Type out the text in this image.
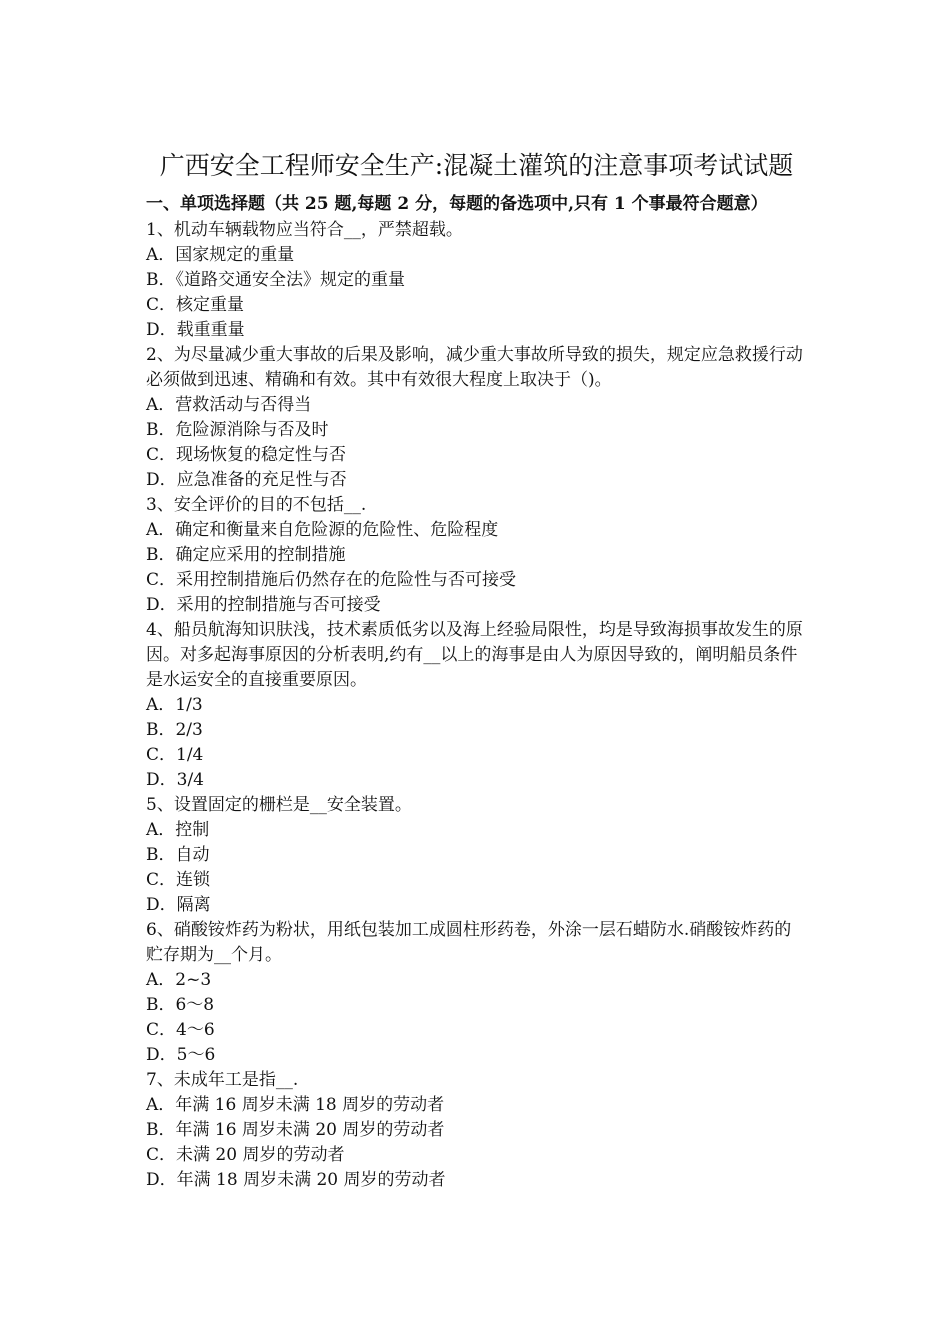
广西安全工程师安全生产:混凝土灌筑的注意事项考试试题
一、单项选择题（共 25 题,每题 2 分，每题的备选项中,只有 1 个事最符合题意）

1、机动车辆载物应当符合__，严禁超载。

A．国家规定的重量

B．《道路交通安全法》规定的重量

C．核定重量

D．载重重量

2、为尽量减少重大事故的后果及影响，减少重大事故所导致的损失，规定应急救援行动必须做到迅速、精确和有效。其中有效很大程度上取决于（)。

A．营救活动与否得当

B．危险源消除与否及时

C．现场恢复的稳定性与否

D．应急准备的充足性与否

3、安全评价的目的不包括__.

A．确定和衡量来自危险源的危险性、危险程度

B．确定应采用的控制措施

C．采用控制措施后仍然存在的危险性与否可接受

D．采用的控制措施与否可接受

4、船员航海知识肤浅，技术素质低劣以及海上经验局限性，均是导致海损事故发生的原因。对多起海事原因的分析表明,约有__以上的海事是由人为原因导致的，阐明船员条件是水运安全的直接重要原因。

A．1/3

B．2/3

C．1/4

D．3/4

5、设置固定的栅栏是__安全装置。

A．控制

B．自动

C．连锁

D．隔离

6、硝酸铵炸药为粉状，用纸包装加工成圆柱形药卷，外涂一层石蜡防水.硝酸铵炸药的贮存期为__个月。

A．2~3

B．6～8

C．4～6

D．5～6

7、未成年工是指__.

A．年满 16 周岁未满 18 周岁的劳动者

B．年满 16 周岁未满 20 周岁的劳动者

C．未满 20 周岁的劳动者

D．年满 18 周岁未满 20 周岁的劳动者
